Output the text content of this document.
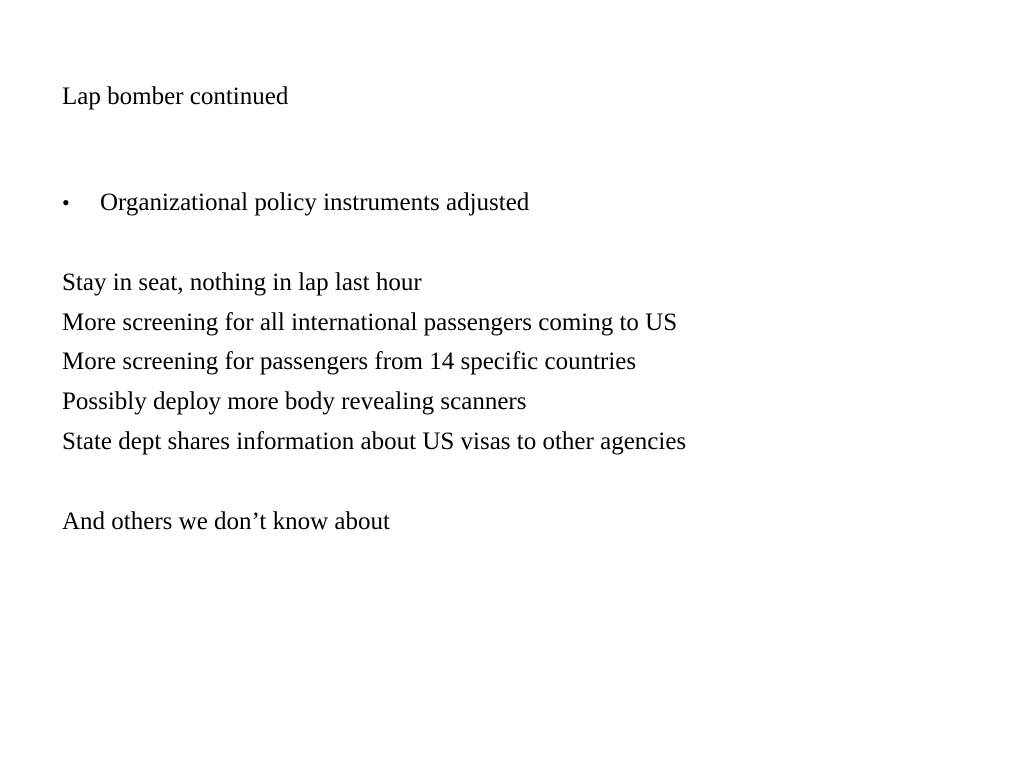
Lap bomber continued
• Organizational policy instruments adjusted
Stay in seat, nothing in lap last hour
More screening for all international passengers coming to US
More screening for passengers from 14 specific countries
Possibly deploy more body revealing scanners
State dept shares information about US visas to other agencies
And others we don’t know about
